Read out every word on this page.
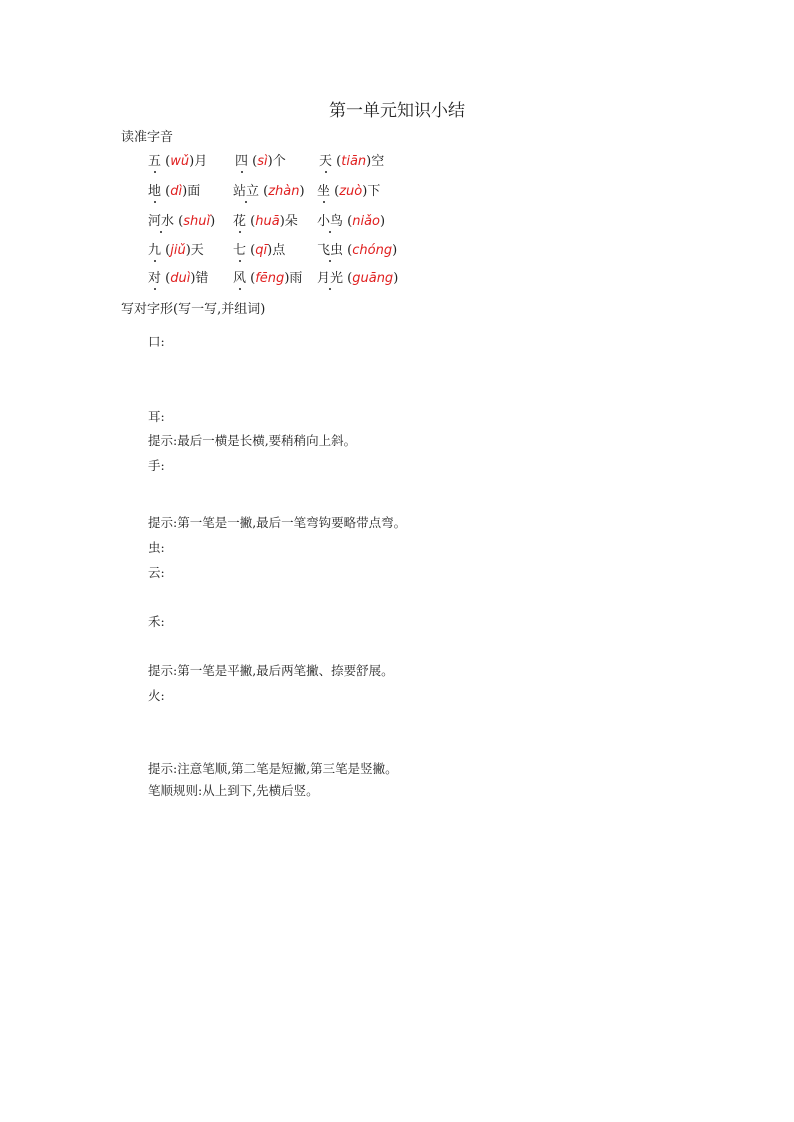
第一单元知识小结
读准字音
五 (wǔ)月 四 (sì)个	天 (tiān)空
地 (dì)面	站立 (zhàn) 坐 (zuò)下
河水 (shuǐ) 花 (huā)朵 小鸟 (niǎo)
九 (jiǔ)天 七 (qī)点 飞虫 (chóng)
对 (duì)错 风 (fēng)雨 月光 (guāng)
写对字形(写一写,并组词)
口:
耳:
提示:最后一横是长横,要稍稍向上斜。
手:
提示:第一笔是一撇,最后一笔弯钩要略带点弯。
虫:
云:
禾:
提示:第一笔是平撇,最后两笔撇、捺要舒展。
火:
提示:注意笔顺,第二笔是短撇,第三笔是竖撇。
笔顺规则:从上到下,先横后竖。
